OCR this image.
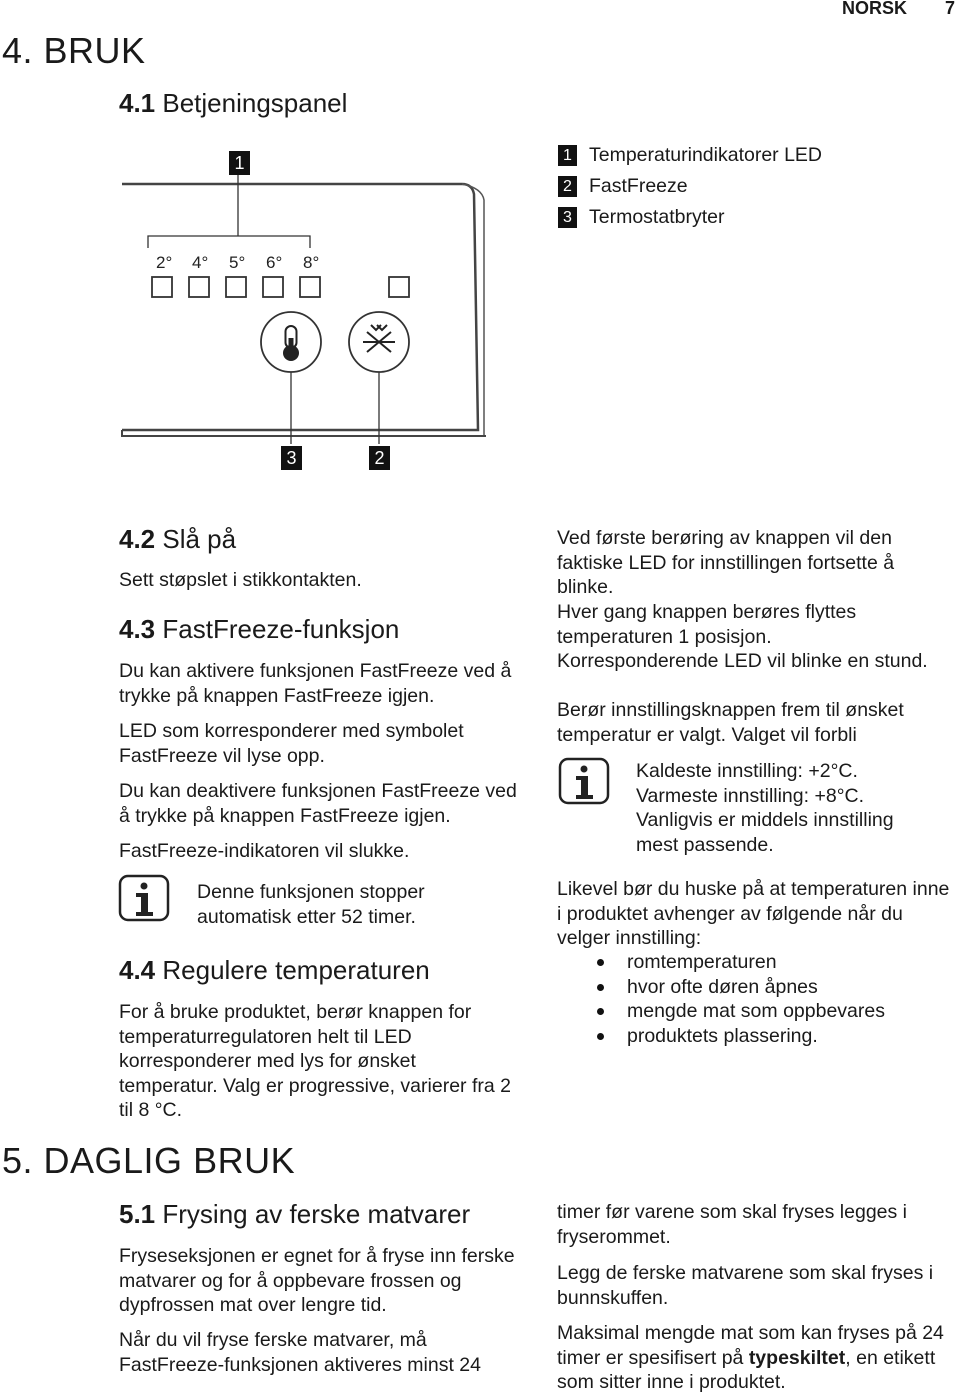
NORSK 7
4. BRUK
4.1 Betjeningspanel
2° 4° 5° 6° 8°
1
3	2
1 Temperaturindikatorer LED
2 FastFreeze
3 Termostatbryter
4.2 Slå på

Sett støpslet i stikkontakten.

4.3 FastFreeze-funksjon

Du kan aktivere funksjonen FastFreeze ved å trykke på knappen FastFreeze igjen.

LED som korresponderer med symbolet FastFreeze vil lyse opp.

Du kan deaktivere funksjonen FastFreeze ved å trykke på knappen FastFreeze igjen.

FastFreeze-indikatoren vil slukke.

Denne funksjonen stopper automatisk etter 52 timer.

4.4 Regulere temperaturen

For å bruke produktet, berør knappen for temperaturregulatoren helt til LED korresponderer med lys for ønsket temperatur. Valg er progressive, varierer fra 2 til 8 °C.

Ved første berøring av knappen vil den faktiske LED for innstillingen fortsette å blinke.

Hver gang knappen berøres flyttes temperaturen 1 posisjon.

Korresponderende LED vil blinke en stund.

Berør innstillingsknappen frem til ønsket temperatur er valgt. Valget vil forbli

Kaldeste innstilling: +2°C. Varmeste innstilling: +8°C. Vanligvis er middels innstilling mest passende.

Likevel bør du huske på at temperaturen inne i produktet avhenger av følgende når du velger innstilling:

romtemperaturen
hvor ofte døren åpnes
mengde mat som oppbevares
produktets plassering.
5. DAGLIG BRUK
5.1 Frysing av ferske matvarer

Fryseseksjonen er egnet for å fryse inn ferske matvarer og for å oppbevare frossen og dypfrossen mat over lengre tid.

Når du vil fryse ferske matvarer, må FastFreeze-funksjonen aktiveres minst 24

timer før varene som skal fryses legges i fryserommet.

Legg de ferske matvarene som skal fryses i bunnskuffen.

Maksimal mengde mat som kan fryses på 24 timer er spesifisert på typeskiltet, en etikett som sitter inne i produktet.
